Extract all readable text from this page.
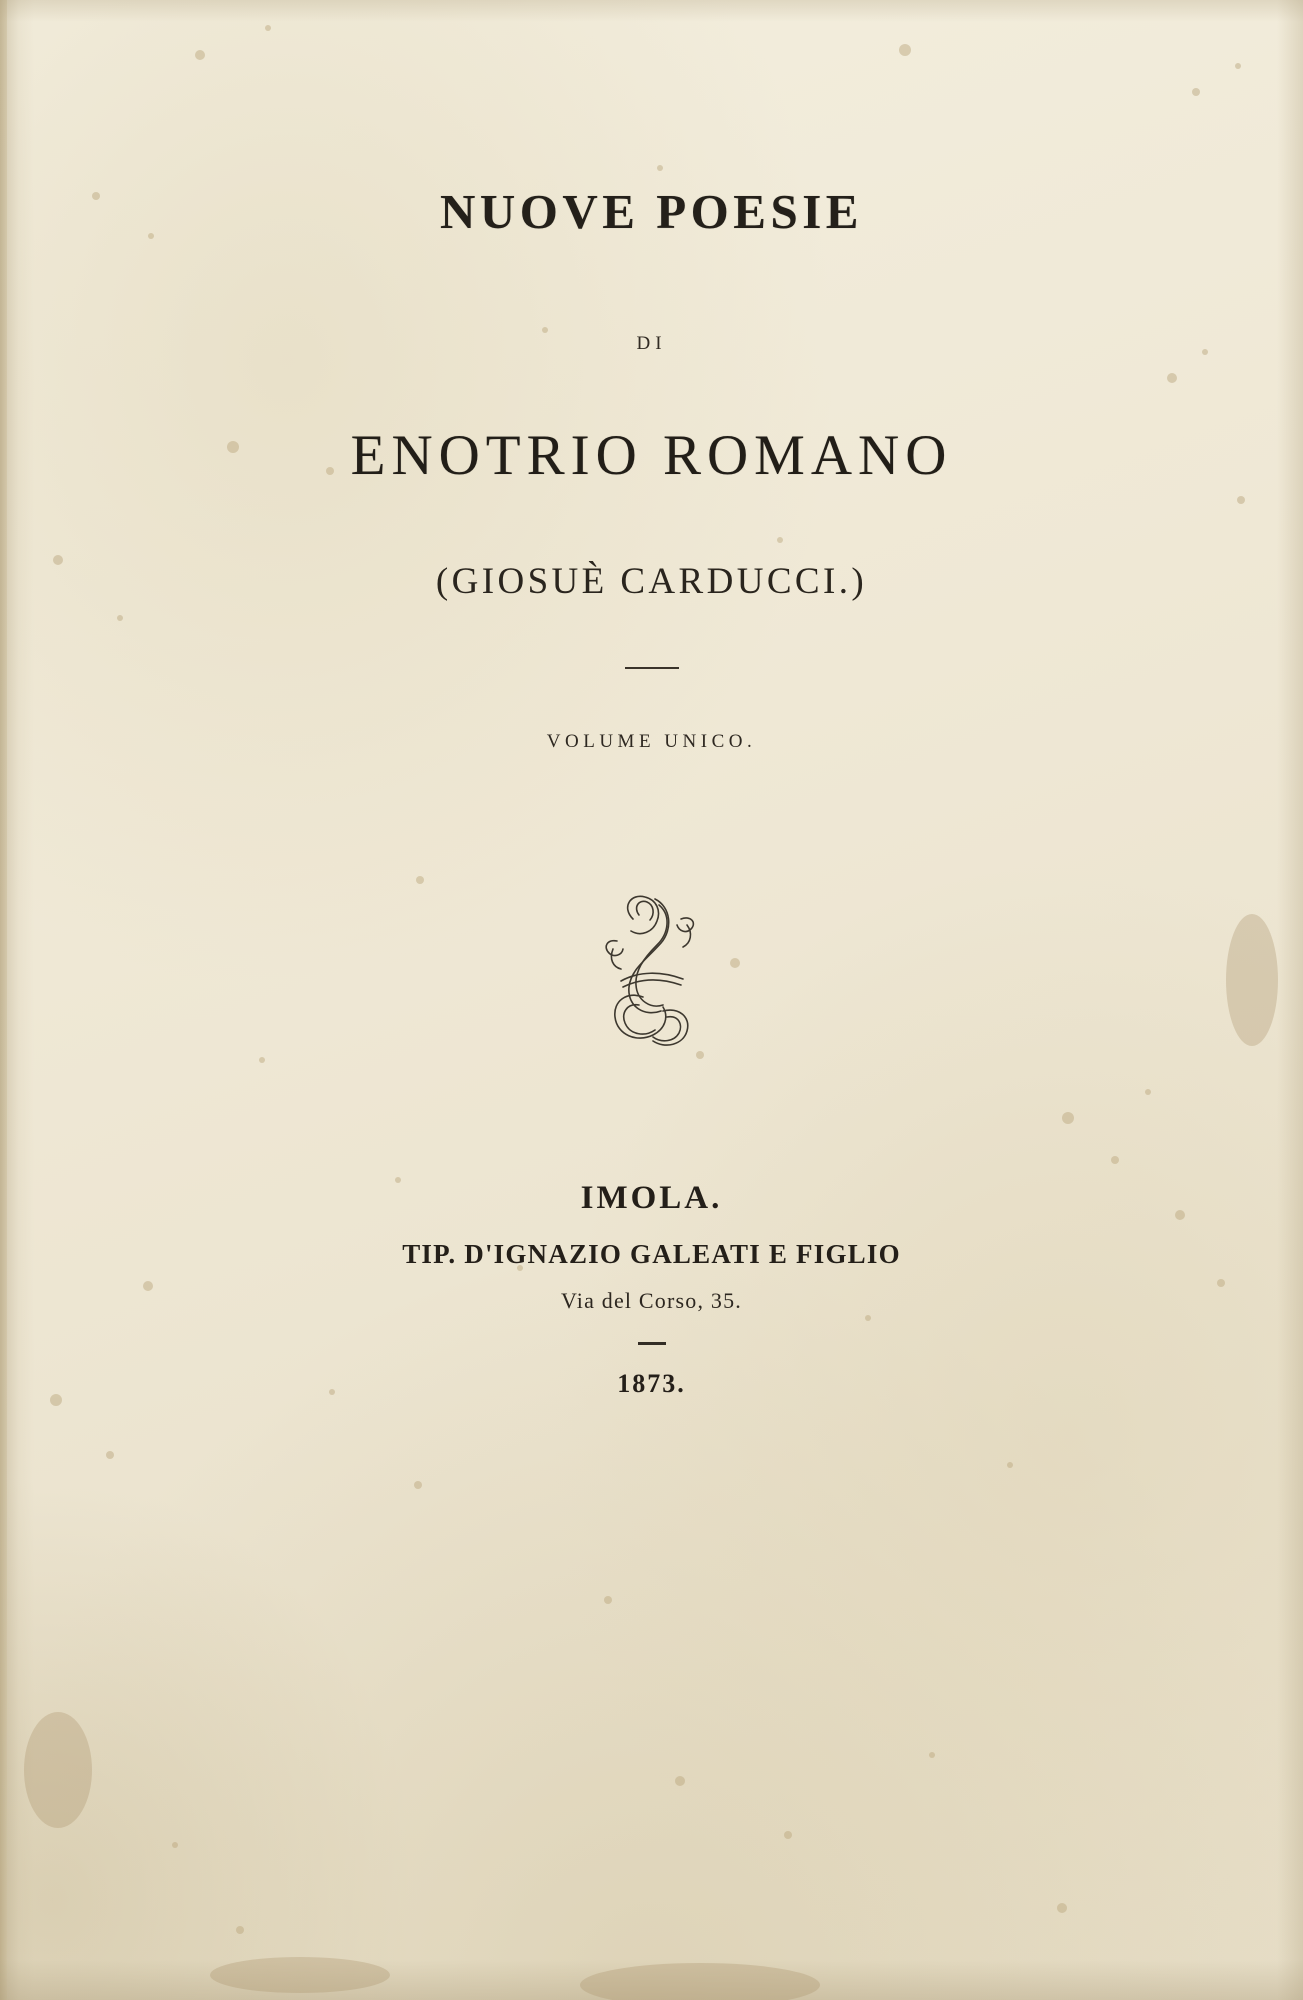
NUOVE POESIE
DI
ENOTRIO ROMANO
(GIOSUÈ CARDUCCI.)
VOLUME UNICO.
IMOLA.
TIP. D'IGNAZIO GALEATI E FIGLIO
Via del Corso, 35.
1873.
